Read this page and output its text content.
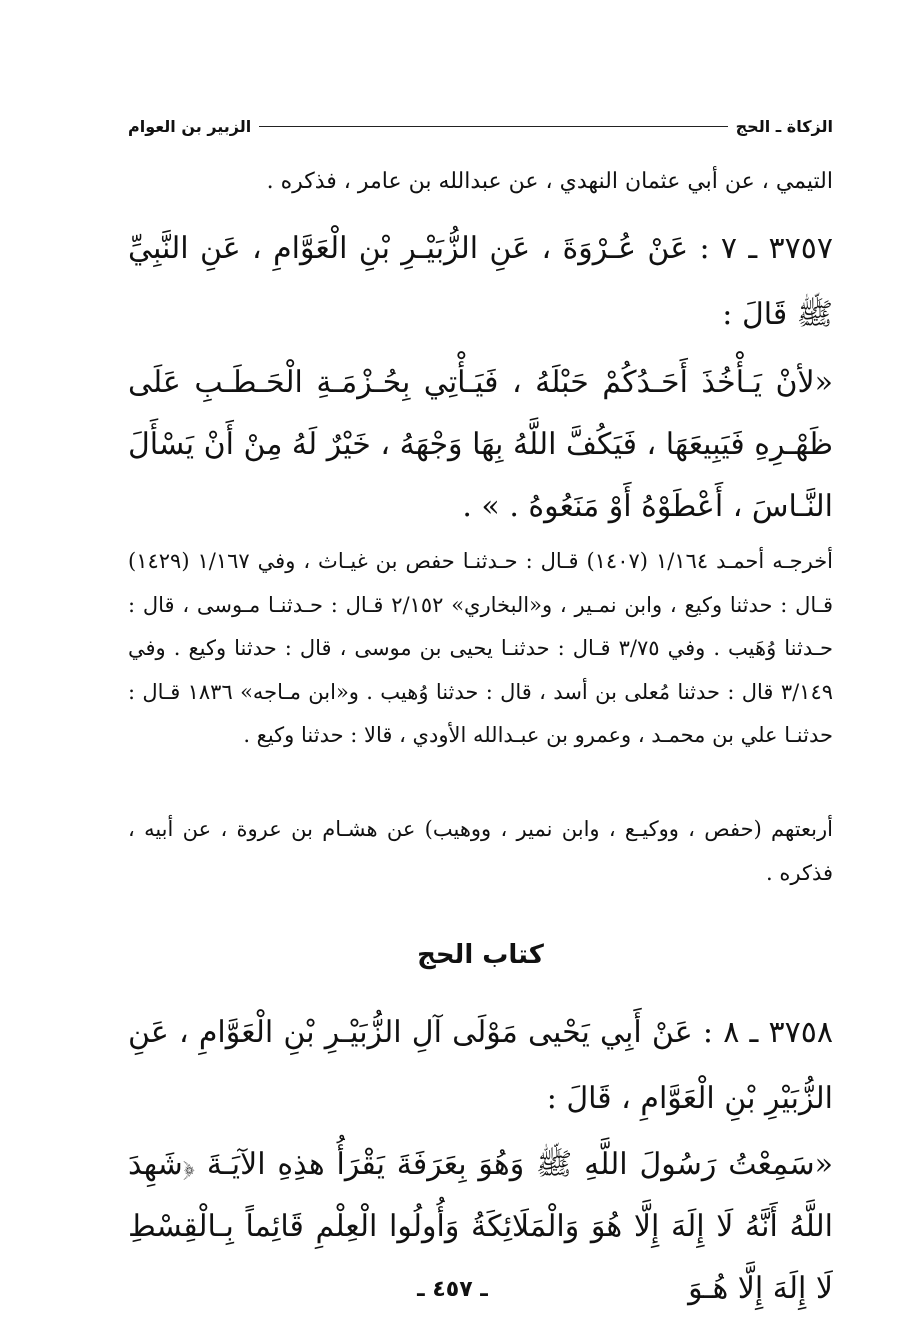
الزكاة ـ الحج
الزبير بن العوام
التيمي ، عن أبي عثمان النهدي ، عن عبدالله بن عامر ، فذكره .
٣٧٥٧ ـ ٧ : عَنْ عُـرْوَةَ ، عَنِ الزُّبَيْـرِ بْنِ الْعَوَّامِ ، عَنِ النَّبِيِّ ﷺ قَالَ :
«لأنْ يَـأْخُذَ أَحَـدُكُمْ حَبْلَهُ ، فَيَـأْتِي بِحُـزْمَـةِ الْحَـطَـبِ عَلَى ظَهْـرِهِ فَيَبِيعَهَا ، فَيَكُفَّ اللَّهُ بِهَا وَجْهَهُ ، خَيْرٌ لَهُ مِنْ أَنْ يَسْأَلَ النَّـاسَ ، أَعْطَوْهُ أَوْ مَنَعُوهُ . » .
أخرجـه أحمـد ١/١٦٤ (١٤٠٧) قـال : حـدثنـا حفص بن غيـاث ، وفي ١/١٦٧ (١٤٢٩) قـال : حدثنا وكيع ، وابن نمـير ، و«البخاري» ٢/١٥٢ قـال : حـدثنـا مـوسى ، قال : حـدثنا وُهَيب . وفي ٣/٧٥ قـال : حدثنـا يحيى بن موسى ، قال : حدثنا وكيع . وفي ٣/١٤٩ قال : حدثنا مُعلى بن أسد ، قال : حدثنا وُهيب . و«ابن مـاجه» ١٨٣٦ قـال : حدثنـا علي بن محمـد ، وعمرو بن عبـدالله الأودي ، قالا : حدثنا وكيع .
أربعتهم (حفص ، ووكيـع ، وابن نمير ، ووهيب) عن هشـام بن عروة ، عن أبيه ، فذكره .
كتاب الحج
٣٧٥٨ ـ ٨ : عَنْ أَبِي يَحْيى مَوْلَى آلِ الزُّبَيْـرِ بْنِ الْعَوَّامِ ، عَنِ الزُّبَيْرِ بْنِ الْعَوَّامِ ، قَالَ :
«سَمِعْتُ رَسُولَ اللَّهِ ﷺ وَهُوَ بِعَرَفَةَ يَقْرَأُ هذِهِ الآيَـةَ ﴿شَهِدَ اللَّهُ أَنَّهُ لَا إِلَهَ إِلَّا هُوَ وَالْمَلَائِكَةُ وَأُولُوا الْعِلْمِ قَائِماً بِـالْقِسْطِ لَا إِلَهَ إِلَّا هُـوَ
ـ ٤٥٧ ـ
